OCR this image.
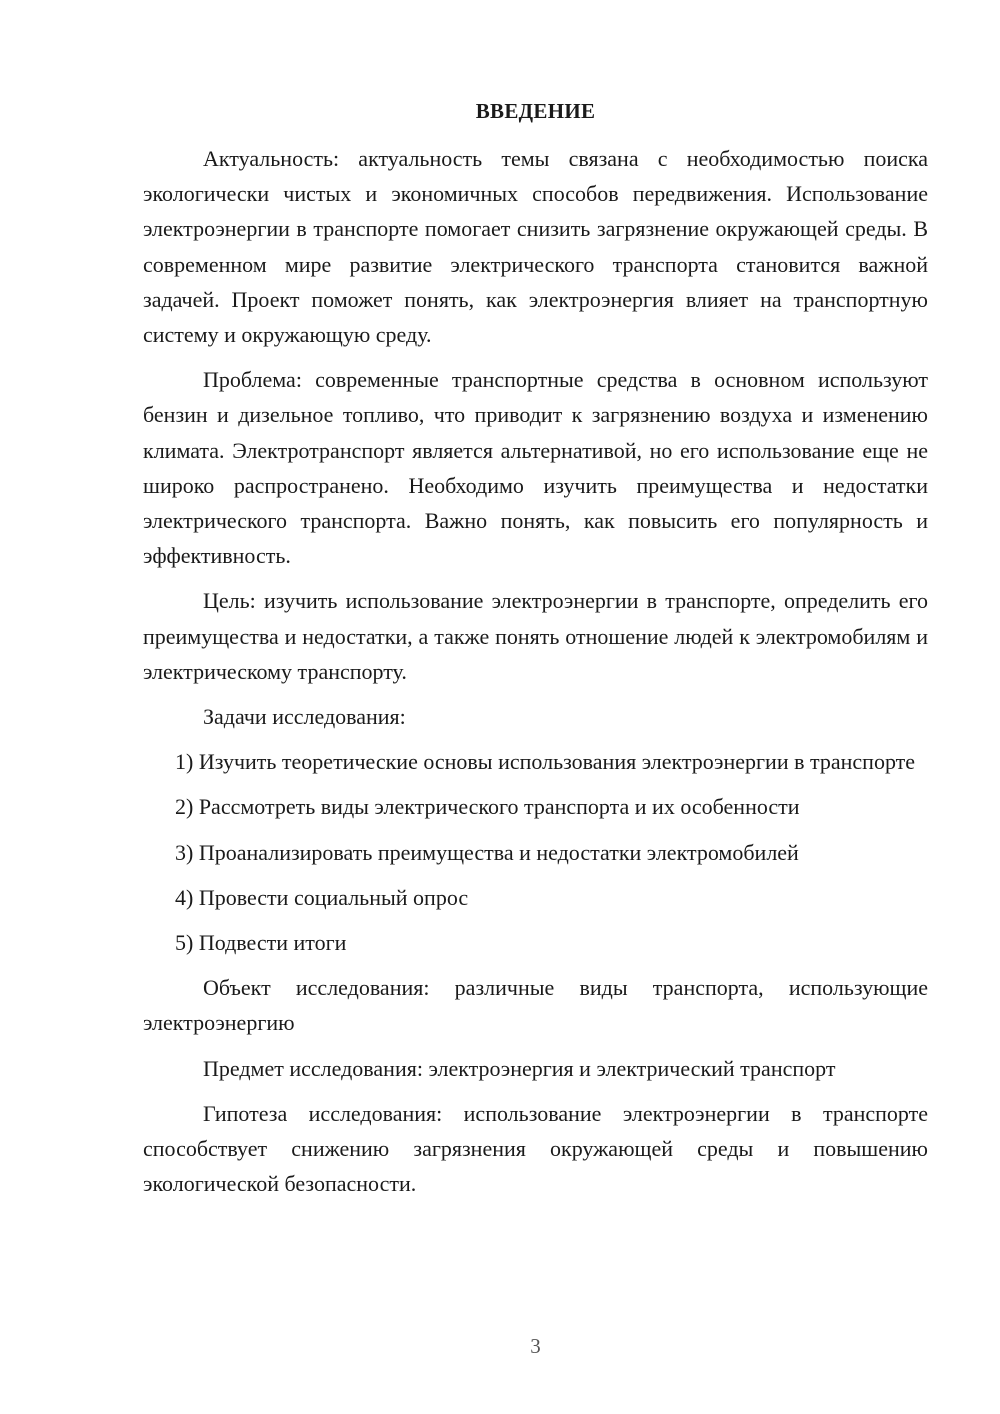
ВВЕДЕНИЕ

Актуальность: актуальность темы связана с необходимостью поиска экологически чистых и экономичных способов передвижения. Использование электроэнергии в транспорте помогает снизить загрязнение окружающей среды. В современном мире развитие электрического транспорта становится важной задачей. Проект поможет понять, как электроэнергия влияет на транспортную систему и окружающую среду.

Проблема: современные транспортные средства в основном используют бензин и дизельное топливо, что приводит к загрязнению воздуха и изменению климата. Электротранспорт является альтернативой, но его использование еще не широко распространено. Необходимо изучить преимущества и недостатки электрического транспорта. Важно понять, как повысить его популярность и эффективность.

Цель: изучить использование электроэнергии в транспорте, определить его преимущества и недостатки, а также понять отношение людей к электромобилям и электрическому транспорту.

Задачи исследования:

1) Изучить теоретические основы использования электроэнергии в транспорте

2) Рассмотреть виды электрического транспорта и их особенности

3) Проанализировать преимущества и недостатки электромобилей

4) Провести социальный опрос

5) Подвести итоги

Объект исследования: различные виды транспорта, использующие электроэнергию

Предмет исследования: электроэнергия и электрический транспорт

Гипотеза исследования: использование электроэнергии в транспорте способствует снижению загрязнения окружающей среды и повышению экологической безопасности.

3
